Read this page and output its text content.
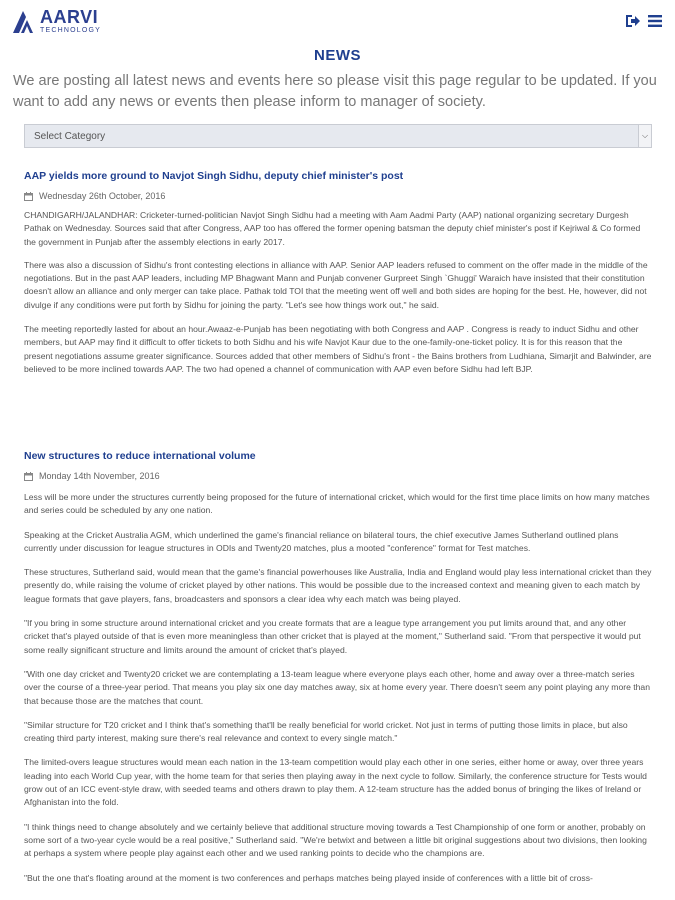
AARVI
TECHNOLOGY
NEWS
We are posting all latest news and events here so please visit this page regular to be updated. If you want to add any news or events then please inform to manager of society.
Select Category	⌵
AAP yields more ground to Navjot Singh Sidhu, deputy chief minister's post
Wednesday 26th October, 2016

CHANDIGARH/JALANDHAR: Cricketer-turned-politician Navjot Singh Sidhu had a meeting with Aam Aadmi Party (AAP) national organizing secretary Durgesh Pathak on Wednesday. Sources said that after Congress, AAP too has offered the former opening batsman the deputy chief minister's post if Kejriwal & Co formed the government in Punjab after the assembly elections in early 2017.

There was also a discussion of Sidhu's front contesting elections in alliance with AAP. Senior AAP leaders refused to comment on the offer made in the middle of the negotiations. But in the past AAP leaders, including MP Bhagwant Mann and Punjab convener Gurpreet Singh `Ghuggi' Waraich have insisted that their constitution doesn't allow an alliance and only merger can take place. Pathak told TOI that the meeting went off well and both sides are hoping for the best. He, however, did not divulge if any conditions were put forth by Sidhu for joining the party. "Let's see how things work out," he said.

The meeting reportedly lasted for about an hour.Awaaz-e-Punjab has been negotiating with both Congress and AAP . Congress is ready to induct Sidhu and other members, but AAP may find it difficult to offer tickets to both Sidhu and his wife Navjot Kaur due to the one-family-one-ticket policy. It is for this reason that the present negotiations assume greater significance. Sources added that other members of Sidhu's front - the Bains brothers from Ludhiana, Simarjit and Balwinder, are believed to be more inclined towards AAP. The two had opened a channel of communication with AAP even before Sidhu had left BJP.

New structures to reduce international volume
Monday 14th November, 2016

Less will be more under the structures currently being proposed for the future of international cricket, which would for the first time place limits on how many matches and series could be scheduled by any one nation.

Speaking at the Cricket Australia AGM, which underlined the game's financial reliance on bilateral tours, the chief executive James Sutherland outlined plans currently under discussion for league structures in ODIs and Twenty20 matches, plus a mooted "conference" format for Test matches.

These structures, Sutherland said, would mean that the game's financial powerhouses like Australia, India and England would play less international cricket than they presently do, while raising the volume of cricket played by other nations. This would be possible due to the increased context and meaning given to each match by league formats that gave players, fans, broadcasters and sponsors a clear idea why each match was being played.

"If you bring in some structure around international cricket and you create formats that are a league type arrangement you put limits around that, and any other cricket that's played outside of that is even more meaningless than other cricket that is played at the moment," Sutherland said. "From that perspective it would put some really significant structure and limits around the amount of cricket that's played.

"With one day cricket and Twenty20 cricket we are contemplating a 13-team league where everyone plays each other, home and away over a three-match series over the course of a three-year period. That means you play six one day matches away, six at home every year. There doesn't seem any point playing any more than that because those are the matches that count.

"Similar structure for T20 cricket and I think that's something that'll be really beneficial for world cricket. Not just in terms of putting those limits in place, but also creating third party interest, making sure there's real relevance and context to every single match."

The limited-overs league structures would mean each nation in the 13-team competition would play each other in one series, either home or away, over three years leading into each World Cup year, with the home team for that series then playing away in the next cycle to follow. Similarly, the conference structure for Tests would grow out of an ICC event-style draw, with seeded teams and others drawn to play them. A 12-team structure has the added bonus of bringing the likes of Ireland or Afghanistan into the fold.

"I think things need to change absolutely and we certainly believe that additional structure moving towards a Test Championship of one form or another, probably on some sort of a two-year cycle would be a real positive," Sutherland said. "We're betwixt and between a little bit original suggestions about two divisions, then looking at perhaps a system where people play against each other and we used ranking points to decide who the champions are.

"But the one that's floating around at the moment is two conferences and perhaps matches being played inside of conferences with a little bit of cross-
